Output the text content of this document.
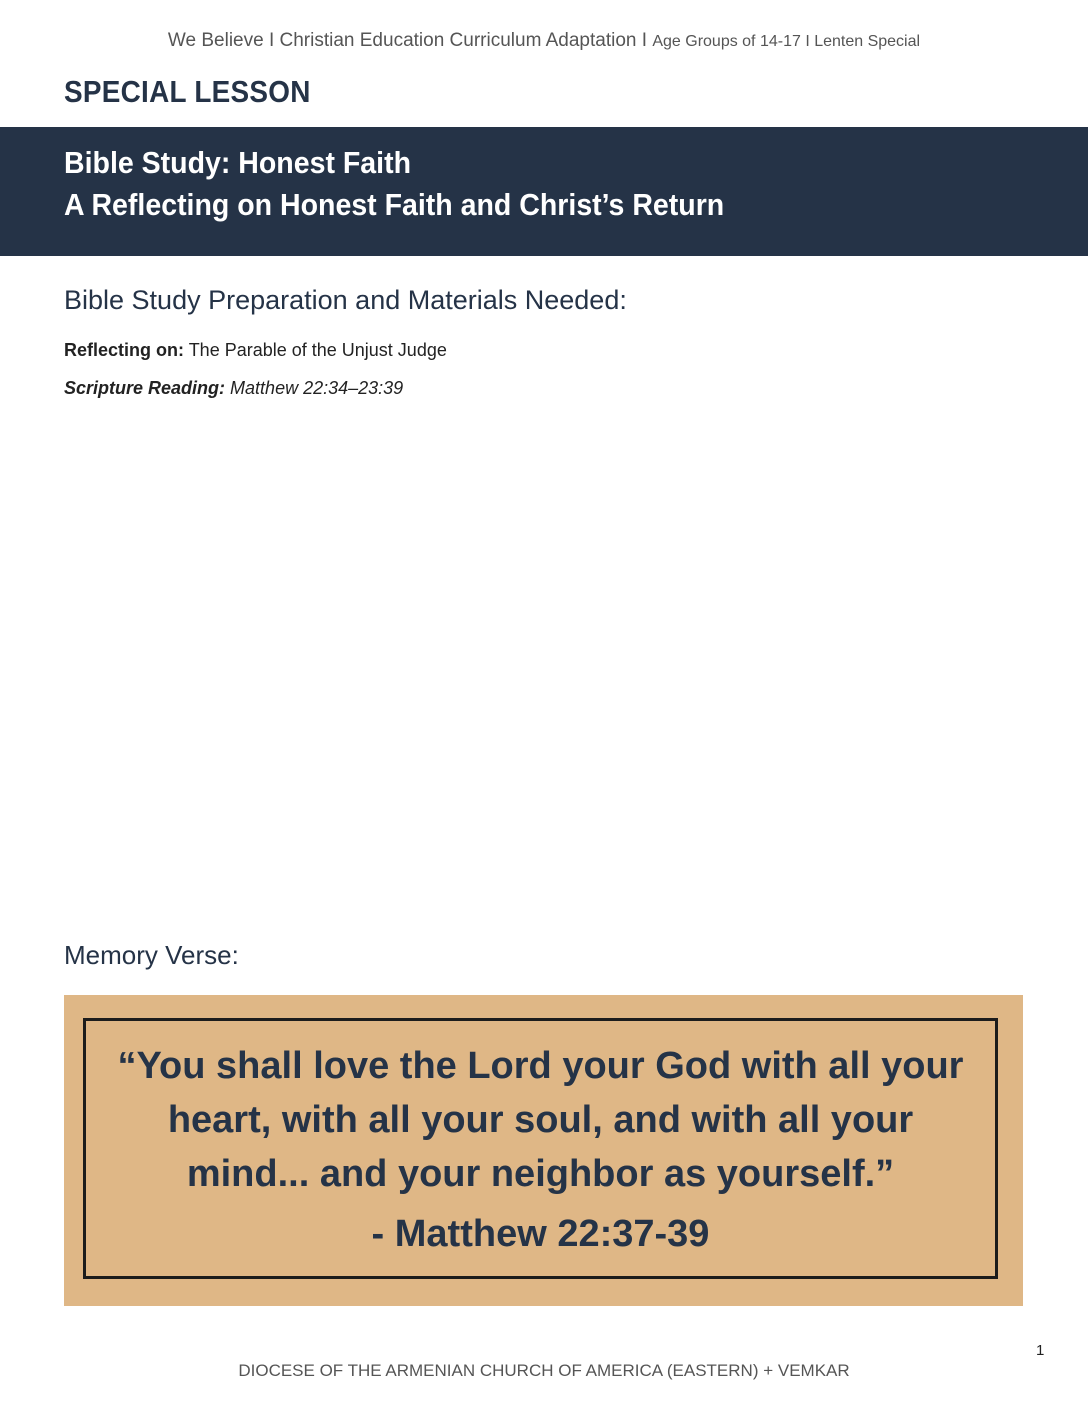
We Believe I Christian Education Curriculum Adaptation I Age Groups of 14-17 I Lenten Special
SPECIAL LESSON
Bible Study: Honest Faith
A Reflecting on Honest Faith and Christ’s Return
Bible Study Preparation and Materials Needed:
Reflecting on: The Parable of the Unjust Judge
Scripture Reading: Matthew 22:34–23:39
Memory Verse:
“You shall love the Lord your God with all your
heart, with all your soul, and with all your
mind... and your neighbor as yourself.”
- Matthew 22:37-39
1
DIOCESE OF THE ARMENIAN CHURCH OF AMERICA (EASTERN) + VEMKAR
